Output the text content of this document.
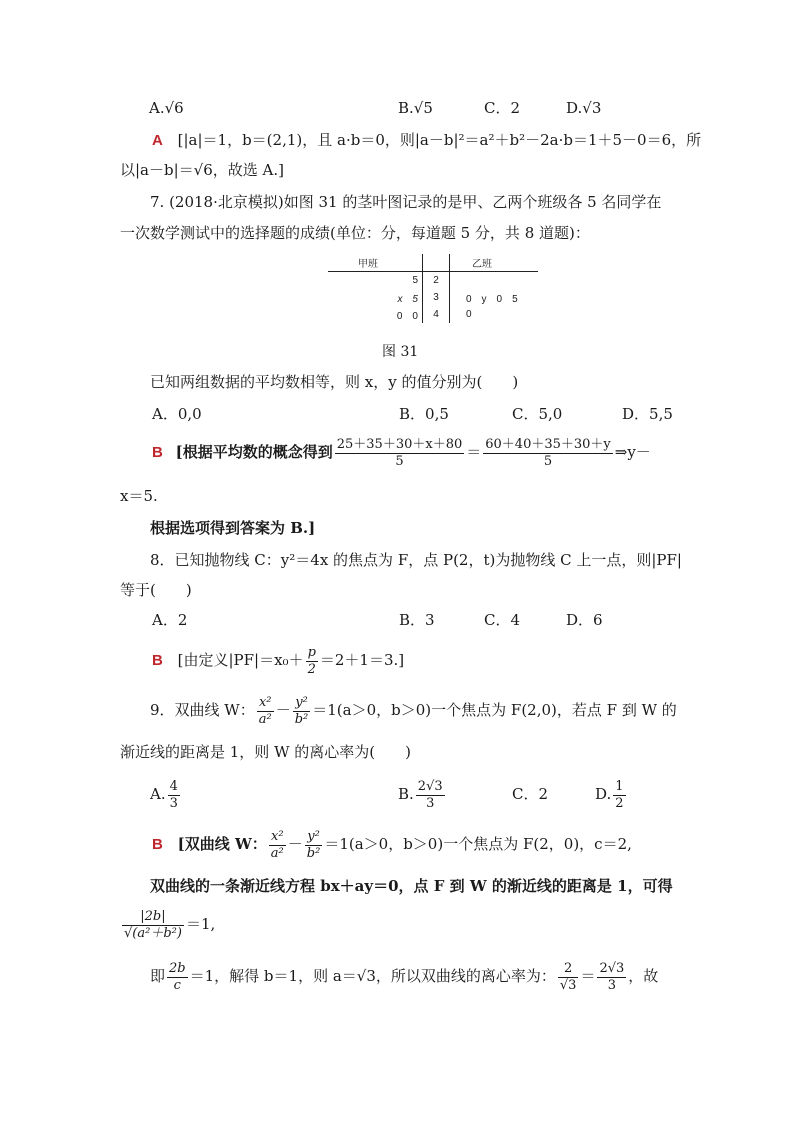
A.√6	B.√5	C．2	D.√3
A [|a|＝1，b＝(2,1)，且 a·b＝0，则|a－b|²＝a²＋b²－2a·b＝1＋5－0＝6，所
以|a－b|＝√6，故选 A.]
7. (2018·北京模拟)如图 31 的茎叶图记录的是甲、乙两个班级各 5 名同学在
一次数学测试中的选择题的成绩(单位：分，每道题 5 分，共 8 道题)：
甲班		乙班
5	2	
x　5	3	0　y　0　5
0　0	4	0
图 31
已知两组数据的平均数相等，则 x，y 的值分别为(　　)
A．0,0	B．0,5	C．5,0	D．5,5
B [根据平均数的概念得到 $\frac{25+35+30+x+80}{5} = \frac{60+40+35+30+y}{5}$ ⇒y－
x＝5.
根据选项得到答案为 B.]
8．已知抛物线 C：y²＝4x 的焦点为 F，点 P(2，t)为抛物线 C 上一点，则|PF|
等于(　　)
A．2	B．3	C．4	D．6
B [由定义$|PF|=x_0+ \frac{p}{2} =2+1=3$.]
9．双曲线 W： $\frac{\text{x²}}{\text{a²}} - \frac{\text{y²}}{\text{b²}} =1(a>0$，b＞0)一个焦点为 F(2,0)，若点 F 到 W 的
渐近线的距离是 1，则 W 的离心率为(　　)
A. $\frac{4}{3}$	B. $\frac{2√3}{3}$	C．2	D. $\frac{1}{2}$
B [双曲线 W： $\frac{\text{x²}}{\text{a²}} - \frac{\text{y²}}{\text{b²}} =1(a>0$，b＞0)一个焦点为 F(2，0)，c＝2,
双曲线的一条渐近线方程 bx＋ay＝0，点 F 到 W 的渐近线的距离是 1，可得
$\frac{|2b|}{\text{√(a²＋b²)}} =1$,
即 $\frac{2b}{c} =1$，解得 b＝1，则 a＝√3，所以双曲线的离心率为： $\frac{2}{√3} = \frac{2√3}{3}$ ，故
